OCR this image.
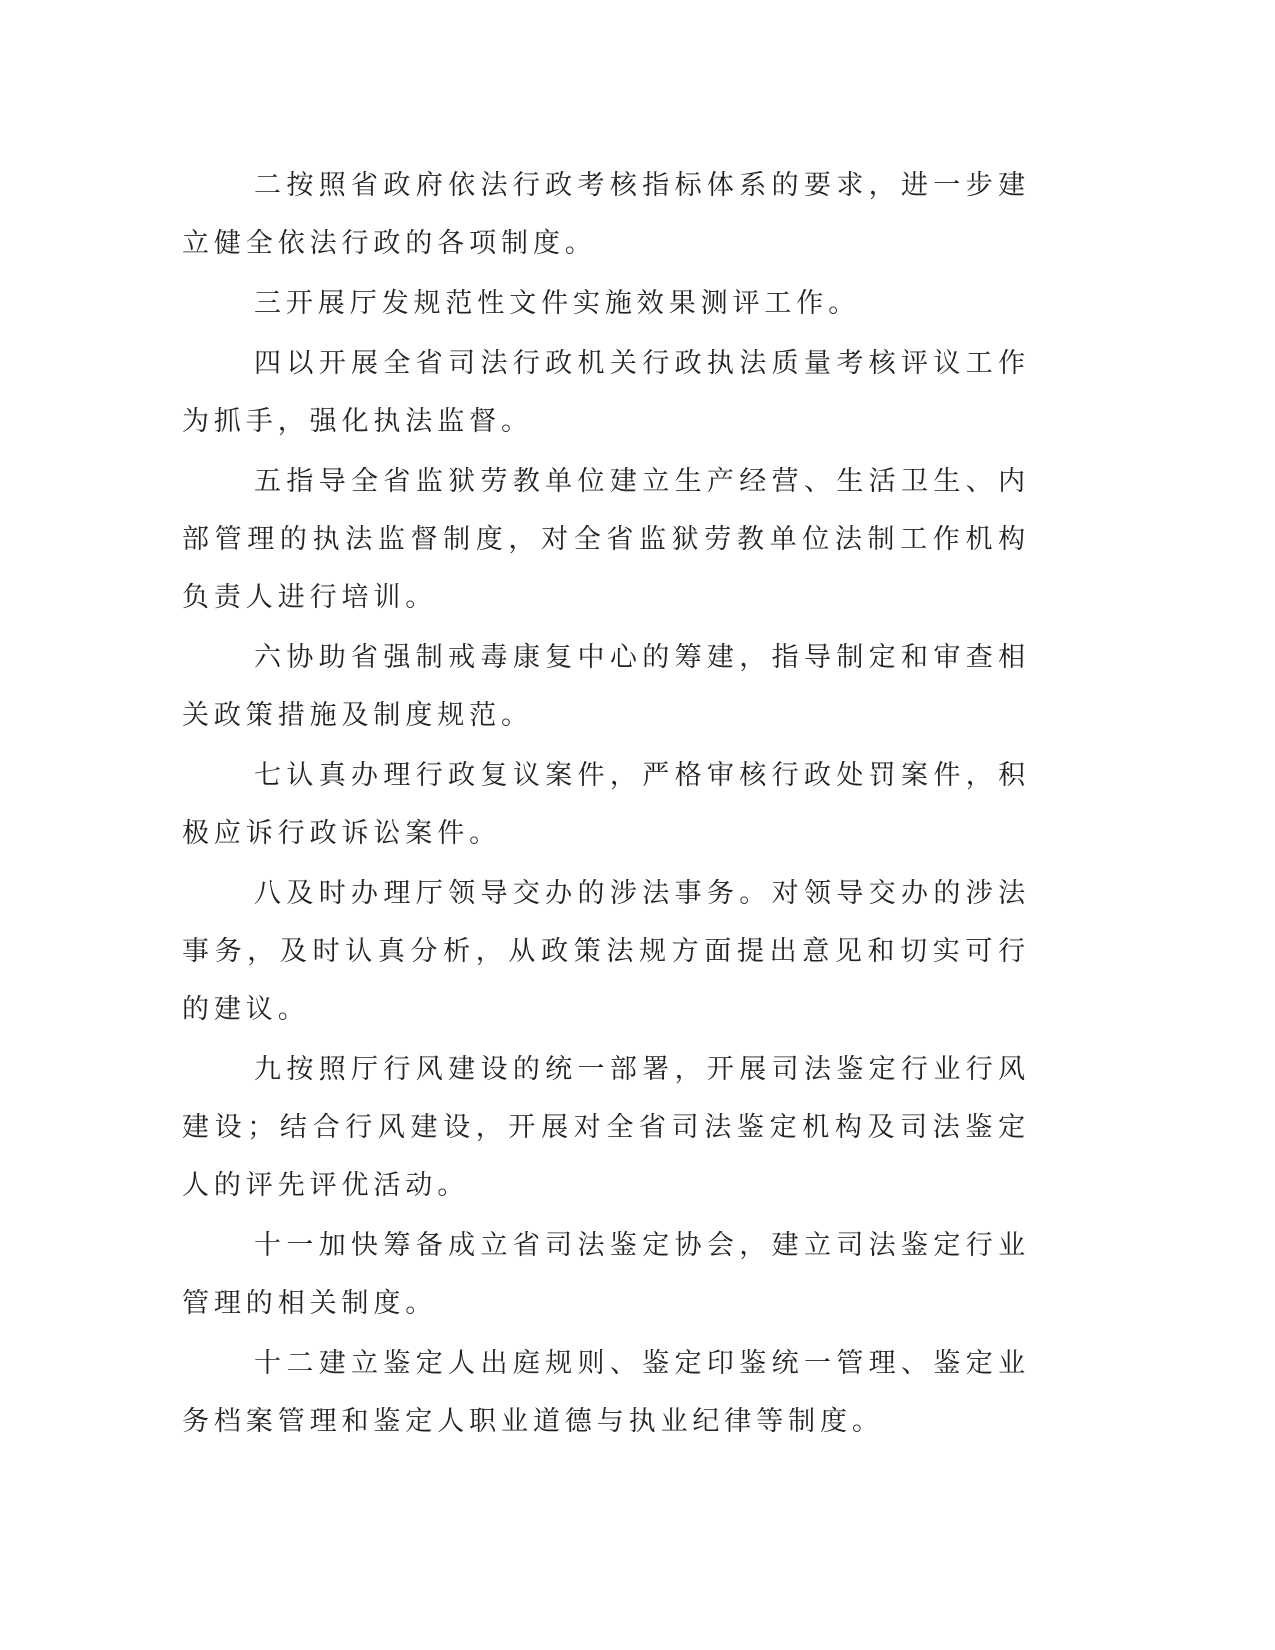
二按照省政府依法行政考核指标体系的要求，进一步建立健全依法行政的各项制度。

三开展厅发规范性文件实施效果测评工作。

四以开展全省司法行政机关行政执法质量考核评议工作为抓手，强化执法监督。

五指导全省监狱劳教单位建立生产经营、生活卫生、内部管理的执法监督制度，对全省监狱劳教单位法制工作机构负责人进行培训。

六协助省强制戒毒康复中心的筹建，指导制定和审查相关政策措施及制度规范。

七认真办理行政复议案件，严格审核行政处罚案件，积极应诉行政诉讼案件。

八及时办理厅领导交办的涉法事务。对领导交办的涉法事务，及时认真分析，从政策法规方面提出意见和切实可行的建议。

九按照厅行风建设的统一部署，开展司法鉴定行业行风建设；结合行风建设，开展对全省司法鉴定机构及司法鉴定人的评先评优活动。

十一加快筹备成立省司法鉴定协会，建立司法鉴定行业管理的相关制度。

十二建立鉴定人出庭规则、鉴定印鉴统一管理、鉴定业务档案管理和鉴定人职业道德与执业纪律等制度。
